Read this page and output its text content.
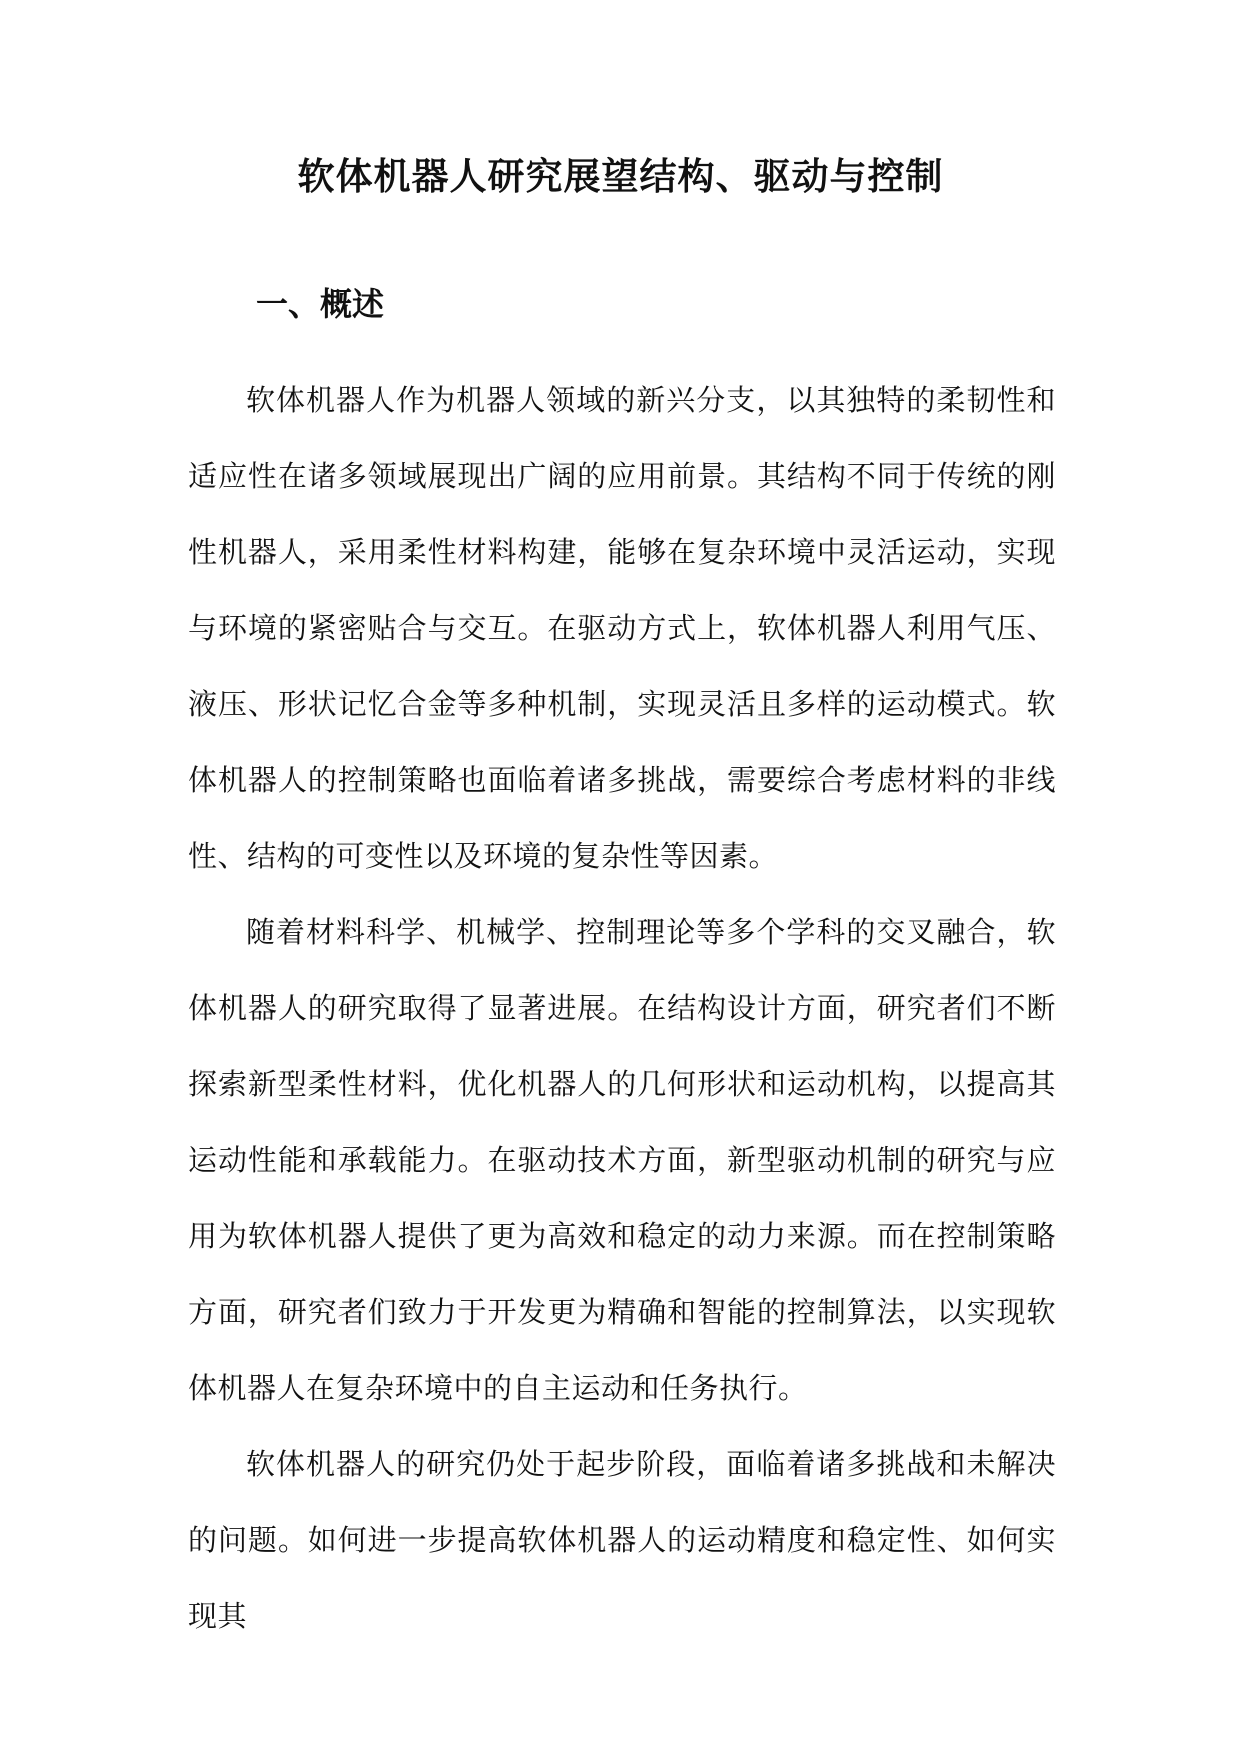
软体机器人研究展望结构、驱动与控制
一、概述

软体机器人作为机器人领域的新兴分支，以其独特的柔韧性和适应性在诸多领域展现出广阔的应用前景。其结构不同于传统的刚性机器人，采用柔性材料构建，能够在复杂环境中灵活运动，实现与环境的紧密贴合与交互。在驱动方式上，软体机器人利用气压、液压、形状记忆合金等多种机制，实现灵活且多样的运动模式。软体机器人的控制策略也面临着诸多挑战，需要综合考虑材料的非线性、结构的可变性以及环境的复杂性等因素。

随着材料科学、机械学、控制理论等多个学科的交叉融合，软体机器人的研究取得了显著进展。在结构设计方面，研究者们不断探索新型柔性材料，优化机器人的几何形状和运动机构，以提高其运动性能和承载能力。在驱动技术方面，新型驱动机制的研究与应用为软体机器人提供了更为高效和稳定的动力来源。而在控制策略方面，研究者们致力于开发更为精确和智能的控制算法，以实现软体机器人在复杂环境中的自主运动和任务执行。

软体机器人的研究仍处于起步阶段，面临着诸多挑战和未解决的问题。如何进一步提高软体机器人的运动精度和稳定性、如何实现其
